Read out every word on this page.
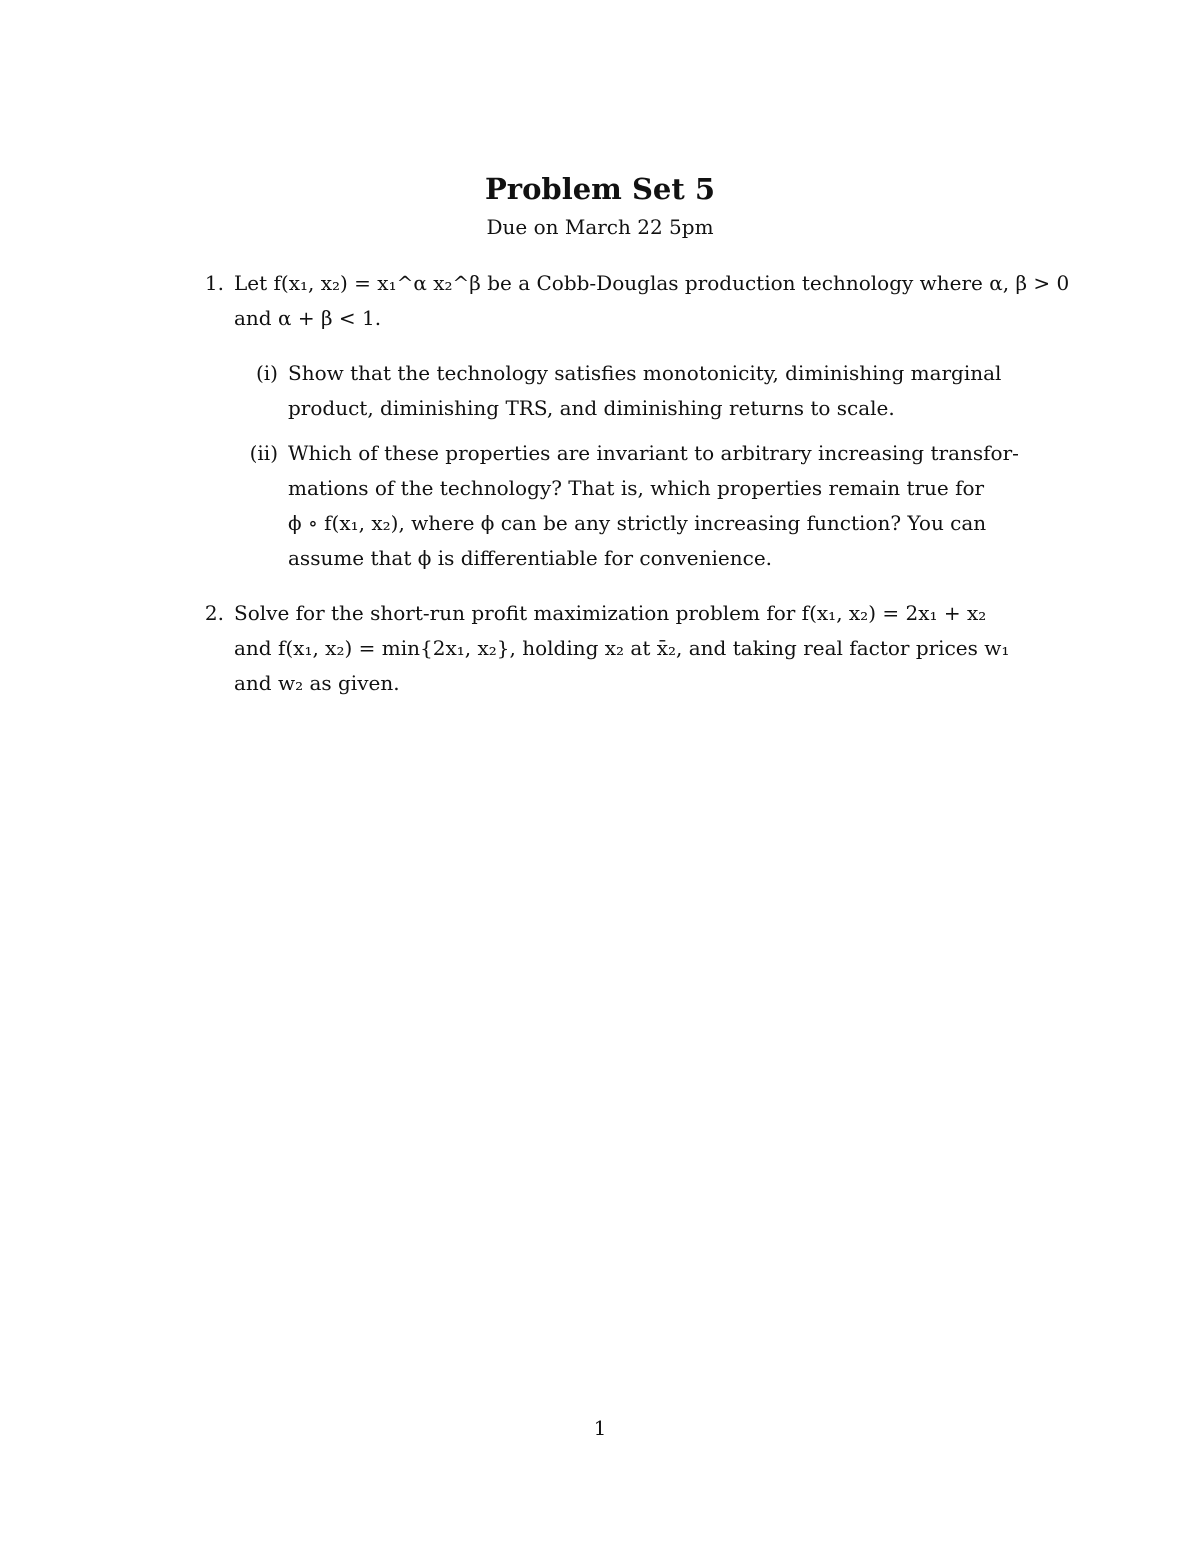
Problem Set 5
Due on March 22 5pm
1. Let f(x₁, x₂) = x₁^α x₂^β be a Cobb-Douglas production technology where α, β > 0
and α + β < 1.
(i) Show that the technology satisfies monotonicity, diminishing marginal
product, diminishing TRS, and diminishing returns to scale.
(ii) Which of these properties are invariant to arbitrary increasing transfor-
mations of the technology? That is, which properties remain true for
ϕ ∘ f(x₁, x₂), where ϕ can be any strictly increasing function? You can
assume that ϕ is differentiable for convenience.
2. Solve for the short-run profit maximization problem for f(x₁, x₂) = 2x₁ + x₂
and f(x₁, x₂) = min{2x₁, x₂}, holding x₂ at x̄₂, and taking real factor prices w₁
and w₂ as given.
1
